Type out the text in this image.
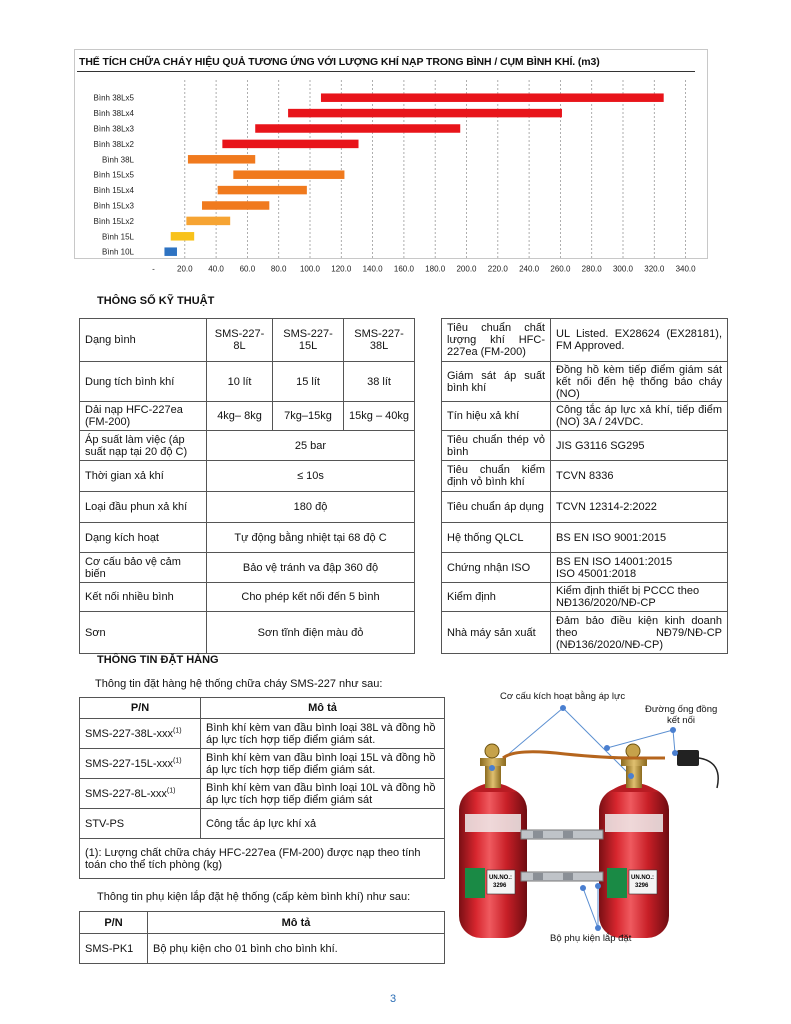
THỂ TÍCH CHỮA CHÁY HIỆU QUẢ TƯƠNG ỨNG VỚI LƯỢNG KHÍ NẠP TRONG BÌNH / CỤM BÌNH KHÍ. (m3)
-	20.0 40.0 60.0 80.0 100.0 120.0 140.0 160.0 180.0 200.0 220.0 240.0 260.0 280.0 300.0 320.0 340.0
Bình 38Lx5
Bình 38Lx4
Bình 38Lx3
Bình 38Lx2
Bình 38L
Bình 15Lx5
Bình 15Lx4
Bình 15Lx3
Bình 15Lx2
Bình 15L
Bình 10L
THÔNG SỐ KỸ THUẬT
Dạng bình	SMS-227-8L	SMS-227-15L	SMS-227-38L
Dung tích bình khí	10 lít	15 lít	38 lít
Dải nạp HFC-227ea (FM-200)	4kg– 8kg	7kg–15kg	15kg – 40kg
Áp suất làm việc (áp suất nạp tại 20 độ C)	25 bar		
Thời gian xả khí	≤ 10s		
Loại đầu phun xả khí	180 độ		
Dạng kích hoạt	Tự động bằng nhiệt tại 68 độ C		
Cơ cấu bảo vệ cảm biến	Bảo vệ tránh va đập 360 độ		
Kết nối nhiều bình	Cho phép kết nối đến 5 bình		
Sơn	Sơn tĩnh điện màu đỏ		
Tiêu chuẩn chất lượng khí HFC-227ea (FM-200)	UL Listed. EX28624 (EX28181), FM Approved.
Giám sát áp suất bình khí	Đồng hồ kèm tiếp điểm giám sát kết nối đến hệ thống báo cháy (NO)
Tín hiệu xả khí	Công tắc áp lực xả khí, tiếp điểm (NO) 3A / 24VDC.
Tiêu chuẩn thép vỏ bình	JIS G3116 SG295
Tiêu chuẩn kiểm định vỏ bình khí	TCVN 8336
Tiêu chuẩn áp dụng	TCVN 12314-2:2022
Hệ thống QLCL	BS EN ISO 9001:2015
Chứng nhận ISO	BS EN ISO 14001:2015
ISO 45001:2018

Kiểm định	Kiểm định thiết bị PCCC theo NĐ136/2020/NĐ-CP
Nhà máy sản xuất	Đảm bảo điều kiện kinh doanh theo NĐ79/NĐ-CP (NĐ136/2020/NĐ-CP)
THÔNG TIN ĐẶT HÀNG
Thông tin đặt hàng hệ thống chữa cháy SMS-227 như sau:
P/N	Mô tả
SMS-227-38L-xxx$^{(1)}$	Bình khí kèm van đầu bình loại 38L và đồng hồ áp lực tích hợp tiếp điểm giám sát.
SMS-227-15L-xxx$^{(1)}$	Bình khí kèm van đầu bình loại 15L và đồng hồ áp lực tích hợp tiếp điểm giám sát.
SMS-227-8L-xxx$^{(1)}$	Bình khí kèm van đầu bình loại 10L và đồng hồ áp lực tích hợp tiếp điểm giám sát
STV-PS	Công tắc áp lực khí xả
(1): Lượng chất chữa cháy HFC-227ea (FM-200) được nạp theo tính toán cho thể tích phòng (kg)	
Thông tin phụ kiện lắp đặt hệ thống (cấp kèm bình khí) như sau:
P/N	Mô tả
SMS-PK1	Bộ phụ kiện cho 01 bình cho bình khí.
UN.NO.:
3296
UN.NO.:
3296
Cơ cấu kích hoạt bằng áp lực
Đường ống đồng
kết nối
Bộ phụ kiện lắp đặt
3
